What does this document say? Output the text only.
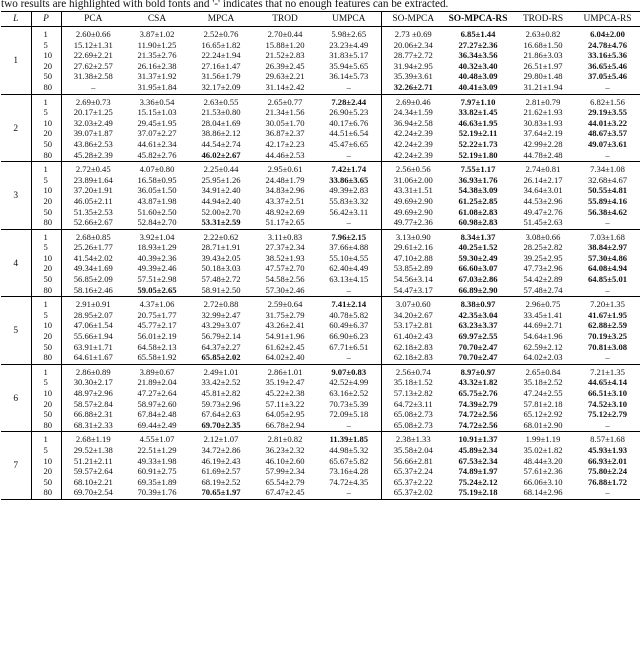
two results are highlighted with bold fonts and '-' indicates that no enough features can be extracted.
L	P	PCA	CSA	MPCA	TROD	UMPCA	SO-MPCA	SO-MPCA-RS	TROD-RS	UMPCA-RS
1	1	2.60±0.66	3.87±1.02	2.52±0.76	2.70±0.44	5.98±2.65	2.73 ±0.69	6.85±1.44	2.63±0.82	6.04±2.00
	5	15.12±1.31	11.90±1.25	16.65±1.82	15.88±1.20	23.23±4.49	20.06±2.34	27.27±2.36	16.68±1.50	24.78±4.76
	10	22.69±2.21	21.35±2.76	22.24±1.94	21.52±2.83	31.83±5.17	28.77±2.72	36.34±3.56	21.86±3.03	33.16±5.36
	20	27.62±2.57	26.16±2.38	27.16±1.47	26.39±2.45	35.94±5.65	31.94±2.95	40.32±3.40	26.51±1.97	36.65±5.46
	50	31.38±2.58	31.37±1.92	31.56±1.79	29.63±2.21	36.14±5.73	35.39±3.61	40.48±3.09	29.80±1.48	37.05±5.46
	80	–	31.95±1.84	32.17±2.09	31.14±2.42	–	32.26±2.71	40.41±3.09	31.21±1.94	–
2	1	2.69±0.73	3.36±0.54	2.63±0.55	2.65±0.77	7.28±2.44	2.69±0.46	7.97±1.10	2.81±0.79	6.82±1.56
	5	20.17±1.25	15.15±1.03	21.53±0.80	21.34±1.56	26.90±5.23	24.34±1.59	33.82±1.45	21.62±1.93	29.19±3.55
	10	32.03±2.49	29.45±1.95	28.04±1.69	30.05±1.70	40.17±6.76	36.94±2.58	46.63±1.95	30.83±1.93	44.01±3.22
	20	39.07±1.87	37.07±2.27	38.86±2.12	36.87±2.37	44.51±6.54	42.24±2.39	52.19±2.11	37.64±2.19	48.67±3.57
	50	43.86±2.53	44.61±2.34	44.54±2.74	42.17±2.23	45.47±6.65	42.24±2.39	52.22±1.73	42.99±2.28	49.07±3.61
	80	45.28±2.39	45.82±2.76	46.02±2.67	44.46±2.53	–	42.24±2.39	52.19±1.80	44.78±2.48	–
3	1	2.72±0.45	4.07±0.80	2.25±0.44	2.95±0.61	7.42±1.74	2.56±0.56	7.55±1.17	2.74±0.81	7.34±1.08
	5	23.89±1.64	16.58±0.95	25.95±1.26	24.48±1.79	33.86±3.65	31.06±2.00	36.93±1.76	26.14±2.17	32.68±4.67
	10	37.20±1.91	36.05±1.50	34.91±2.40	34.83±2.96	49.39±2.83	43.31±1.51	54.38±3.09	34.64±3.01	50.55±4.81
	20	46.05±2.11	43.87±1.98	44.94±2.40	43.37±2.51	55.83±3.32	49.69±2.90	61.25±2.85	44.53±2.96	55.89±4.16
	50	51.35±2.53	51.60±2.50	52.00±2.70	48.92±2.69	56.42±3.11	49.69±2.90	61.08±2.83	49.47±2.76	56.38±4.62
	80	52.66±2.67	52.84±2.70	53.31±2.59	51.17±2.65	–	49.77±2.36	60.98±2.83	51.45±2.63	–
4	1	2.68±0.85	3.92±1.04	2.22±0.62	3.11±0.83	7.96±2.15	3.13±0.90	8.34±1.37	3.08±0.66	7.03±1.68
	5	25.26±1.77	18.93±1.29	28.71±1.91	27.37±2.34	37.66±4.88	29.61±2.16	40.25±1.52	28.25±2.82	38.84±2.97
	10	41.54±2.02	40.39±2.36	39.43±2.05	38.52±1.93	55.10±4.55	47.10±2.88	59.30±2.49	39.25±2.95	57.30±4.86
	20	49.34±1.69	49.39±2.46	50.18±3.03	47.57±2.70	62.40±4.49	53.85±2.89	66.60±3.07	47.73±2.96	64.08±4.94
	50	56.85±2.09	57.51±2.98	57.48±2.72	54.58±2.56	63.13±4.15	54.56±3.14	67.03±2.86	54.42±2.89	64.85±5.01
	80	58.16±2.46	59.05±2.65	58.91±2.50	57.30±2.46	–	54.47±3.17	66.89±2.90	57.48±2.74	–
5	1	2.91±0.91	4.37±1.06	2.72±0.88	2.59±0.64	7.41±2.14	3.07±0.60	8.38±0.97	2.96±0.75	7.20±1.35
	5	28.95±2.07	20.75±1.77	32.99±2.47	31.75±2.79	40.78±5.82	34.20±2.67	42.35±3.04	33.45±1.41	41.67±1.95
	10	47.06±1.54	45.77±2.17	43.29±3.07	43.26±2.41	60.49±6.37	53.17±2.81	63.23±3.37	44.69±2.71	62.88±2.59
	20	55.66±1.94	56.01±2.19	56.79±2.14	54.91±1.96	66.90±6.23	61.40±2.43	69.97±2.55	54.64±1.96	70.19±3.25
	50	63.91±1.71	64.58±2.13	64.37±2.27	61.62±2.45	67.71±6.51	62.18±2.83	70.70±2.47	62.59±2.12	70.81±3.08
	80	64.61±1.67	65.58±1.92	65.85±2.02	64.02±2.40	–	62.18±2.83	70.70±2.47	64.02±2.03	–
6	1	2.86±0.89	3.89±0.67	2.49±1.01	2.86±1.01	9.07±0.83	2.56±0.74	8.97±0.97	2.65±0.84	7.21±1.35
	5	30.30±2.17	21.89±2.04	33.42±2.52	35.19±2.47	42.52±4.99	35.18±1.52	43.32±1.82	35.18±2.52	44.65±4.14
	10	48.97±2.96	47.27±2.64	45.81±2.82	45.22±2.38	63.16±2.52	57.13±2.82	65.75±2.76	47.24±2.55	66.51±3.10
	20	58.57±2.84	58.97±2.60	59.73±2.96	57.11±3.22	70.73±5.39	64.72±3.11	74.39±2.79	57.81±2.18	74.52±3.10
	50	66.88±2.31	67.84±2.48	67.64±2.63	64.05±2.95	72.09±5.18	65.08±2.73	74.72±2.56	65.12±2.92	75.12±2.79
	80	68.31±2.33	69.44±2.49	69.70±2.35	66.78±2.94	–	65.08±2.73	74.72±2.56	68.01±2.90	–
7	1	2.68±1.19	4.55±1.07	2.12±1.07	2.81±0.82	11.39±1.85	2.38±1.33	10.91±1.37	1.99±1.19	8.57±1.68
	5	29.52±1.38	22.51±1.29	34.72±2.86	36.23±2.32	44.98±5.32	35.58±2.04	45.89±2.34	35.02±1.82	45.93±1.93
	10	51.21±2.11	49.33±1.98	46.19±2.43	46.10±2.60	65.67±5.82	56.66±2.81	67.53±2.34	48.44±3.20	66.93±2.01
	20	59.57±2.64	60.91±2.75	61.69±2.57	57.99±2.34	73.16±4.28	65.37±2.24	74.89±1.97	57.61±2.36	75.80±2.24
	50	68.10±2.21	69.35±1.89	68.19±2.52	65.54±2.79	74.72±4.35	65.37±2.22	75.24±2.12	66.06±3.10	76.88±1.72
	80	69.70±2.54	70.39±1.76	70.65±1.97	67.47±2.45	–	65.37±2.02	75.19±2.18	68.14±2.96	–
